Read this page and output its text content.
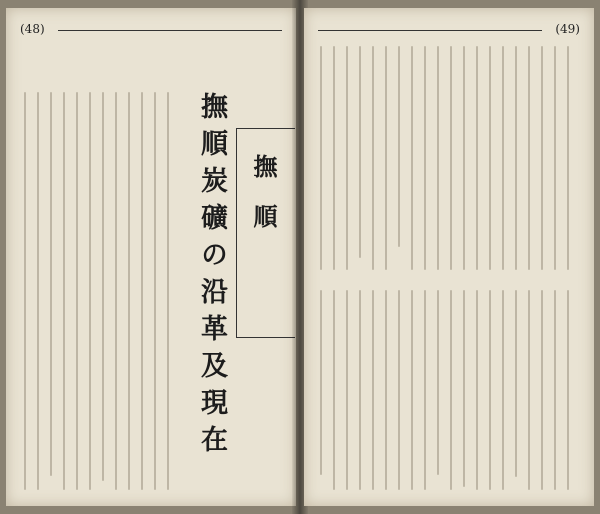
(48)
撫順炭礦の沿革及現在 撫順
(49)
